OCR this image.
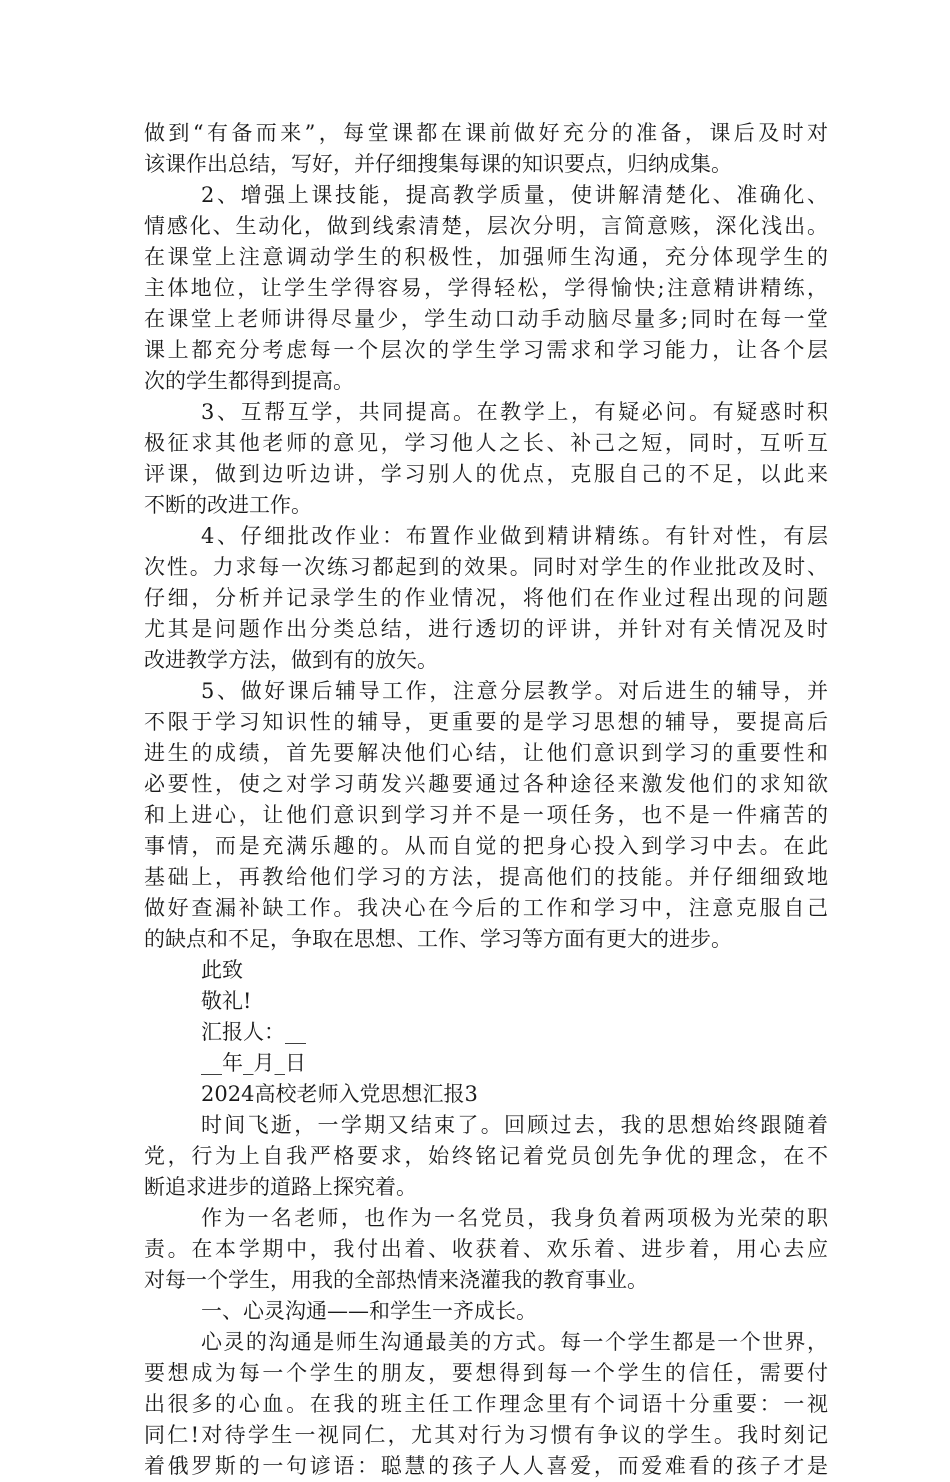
做到“有备而来”，每堂课都在课前做好充分的准备，课后及时对
该课作出总结，写好，并仔细搜集每课的知识要点，归纳成集。
2、增强上课技能，提高教学质量，使讲解清楚化、准确化、
情感化、生动化，做到线索清楚，层次分明，言简意赅，深化浅出。
在课堂上注意调动学生的积极性，加强师生沟通，充分体现学生的
主体地位，让学生学得容易，学得轻松，学得愉快;注意精讲精练，
在课堂上老师讲得尽量少，学生动口动手动脑尽量多;同时在每一堂
课上都充分考虑每一个层次的学生学习需求和学习能力，让各个层
次的学生都得到提高。
3、互帮互学，共同提高。在教学上，有疑必问。有疑惑时积
极征求其他老师的意见，学习他人之长、补己之短，同时，互听互
评课，做到边听边讲，学习别人的优点，克服自己的不足，以此来
不断的改进工作。
4、仔细批改作业：布置作业做到精讲精练。有针对性，有层
次性。力求每一次练习都起到的效果。同时对学生的作业批改及时、
仔细，分析并记录学生的作业情况，将他们在作业过程出现的问题
尤其是问题作出分类总结，进行透切的评讲，并针对有关情况及时
改进教学方法，做到有的放矢。
5、做好课后辅导工作，注意分层教学。对后进生的辅导，并
不限于学习知识性的辅导，更重要的是学习思想的辅导，要提高后
进生的成绩，首先要解决他们心结，让他们意识到学习的重要性和
必要性，使之对学习萌发兴趣要通过各种途径来激发他们的求知欲
和上进心，让他们意识到学习并不是一项任务，也不是一件痛苦的
事情，而是充满乐趣的。从而自觉的把身心投入到学习中去。在此
基础上，再教给他们学习的方法，提高他们的技能。并仔细细致地
做好查漏补缺工作。我决心在今后的工作和学习中，注意克服自己
的缺点和不足，争取在思想、工作、学习等方面有更大的进步。
此致
敬礼!
汇报人：__
__年_月_日
2024高校老师入党思想汇报3
时间飞逝，一学期又结束了。回顾过去，我的思想始终跟随着
党，行为上自我严格要求，始终铭记着党员创先争优的理念，在不
断追求进步的道路上探究着。
作为一名老师，也作为一名党员，我身负着两项极为光荣的职
责。在本学期中，我付出着、收获着、欢乐着、进步着，用心去应
对每一个学生，用我的全部热情来浇灌我的教育事业。
一、心灵沟通——和学生一齐成长。
心灵的沟通是师生沟通最美的方式。每一个学生都是一个世界，
要想成为每一个学生的朋友，要想得到每一个学生的信任，需要付
出很多的心血。在我的班主任工作理念里有个词语十分重要：一视
同仁!对待学生一视同仁，尤其对行为习惯有争议的学生。我时刻记
着俄罗斯的一句谚语：聪慧的孩子人人喜爱，而爱难看的孩子才是
